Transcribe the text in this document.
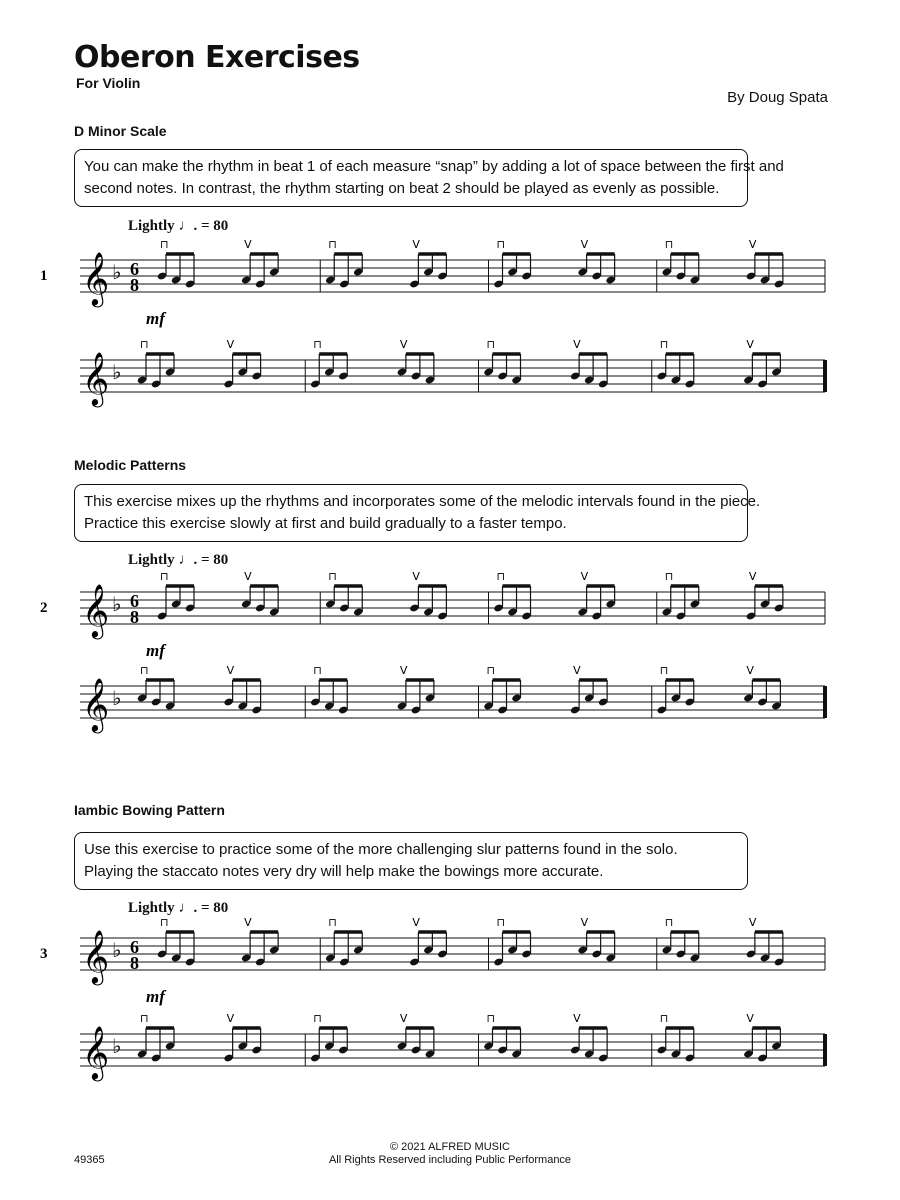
Oberon Exercises
For Violin
By Doug Spata
D Minor Scale
You can make the rhythm in beat 1 of each measure “snap” by adding a lot of space between the first and
second notes. In contrast, the rhythm starting on beat 2 should be played as evenly as possible.
Lightly ♩. = 80
𝄞 ♭
1	6
8
mf
⊓	V	⊓	V	⊓	V	⊓	V
𝄞 ♭
⊓	V	⊓	V	⊓	V	⊓	V
Melodic Patterns
This exercise mixes up the rhythms and incorporates some of the melodic intervals found in the piece.
Practice this exercise slowly at first and build gradually to a faster tempo.
Lightly ♩. = 80
𝄞 ♭
2	6
8
mf
⊓	V	⊓	V	⊓	V	⊓	V
𝄞 ♭
⊓	V	⊓	V	⊓	V	⊓	V
Iambic Bowing Pattern
Use this exercise to practice some of the more challenging slur patterns found in the solo.
Playing the staccato notes very dry will help make the bowings more accurate.
Lightly ♩. = 80
𝄞 ♭
3	6
8
mf
⊓	V	⊓	V	⊓	V	⊓	V
𝄞 ♭
⊓	V	⊓	V	⊓	V	⊓	V
49365
© 2021 ALFRED MUSIC
All Rights Reserved including Public Performance
